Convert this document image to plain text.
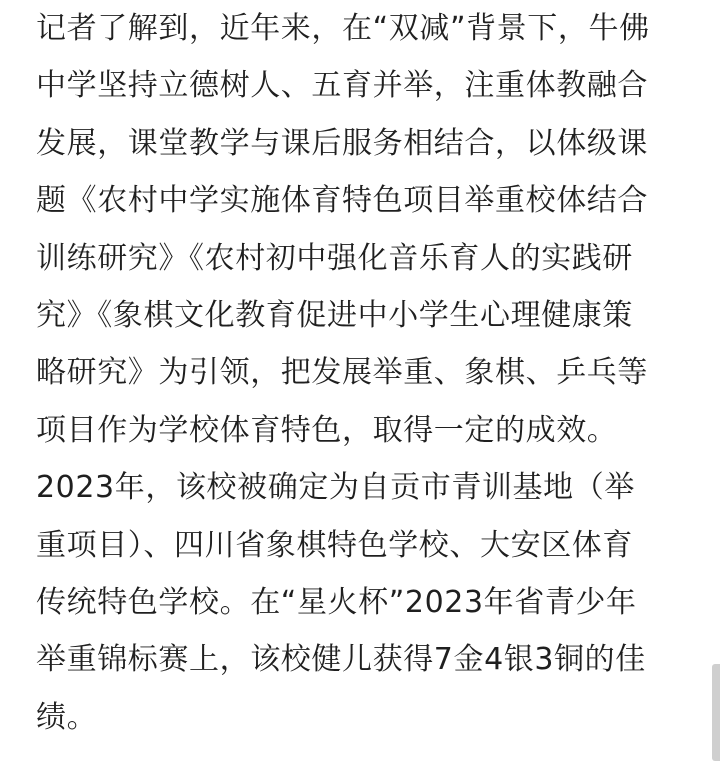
记者了解到，近年来，在“双减”背景下，牛佛
中学坚持立德树人、五育并举，注重体教融合
发展，课堂教学与课后服务相结合，以体级课
题《农村中学实施体育特色项目举重校体结合
训练研究》《农村初中强化音乐育人的实践研
究》《象棋文化教育促进中小学生心理健康策
略研究》为引领，把发展举重、象棋、乒乓等
项目作为学校体育特色，取得一定的成效。
2023年，该校被确定为自贡市青训基地（举
重项目）、四川省象棋特色学校、大安区体育
传统特色学校。在“星火杯”2023年省青少年
举重锦标赛上，该校健儿获得7金4银3铜的佳
绩。
